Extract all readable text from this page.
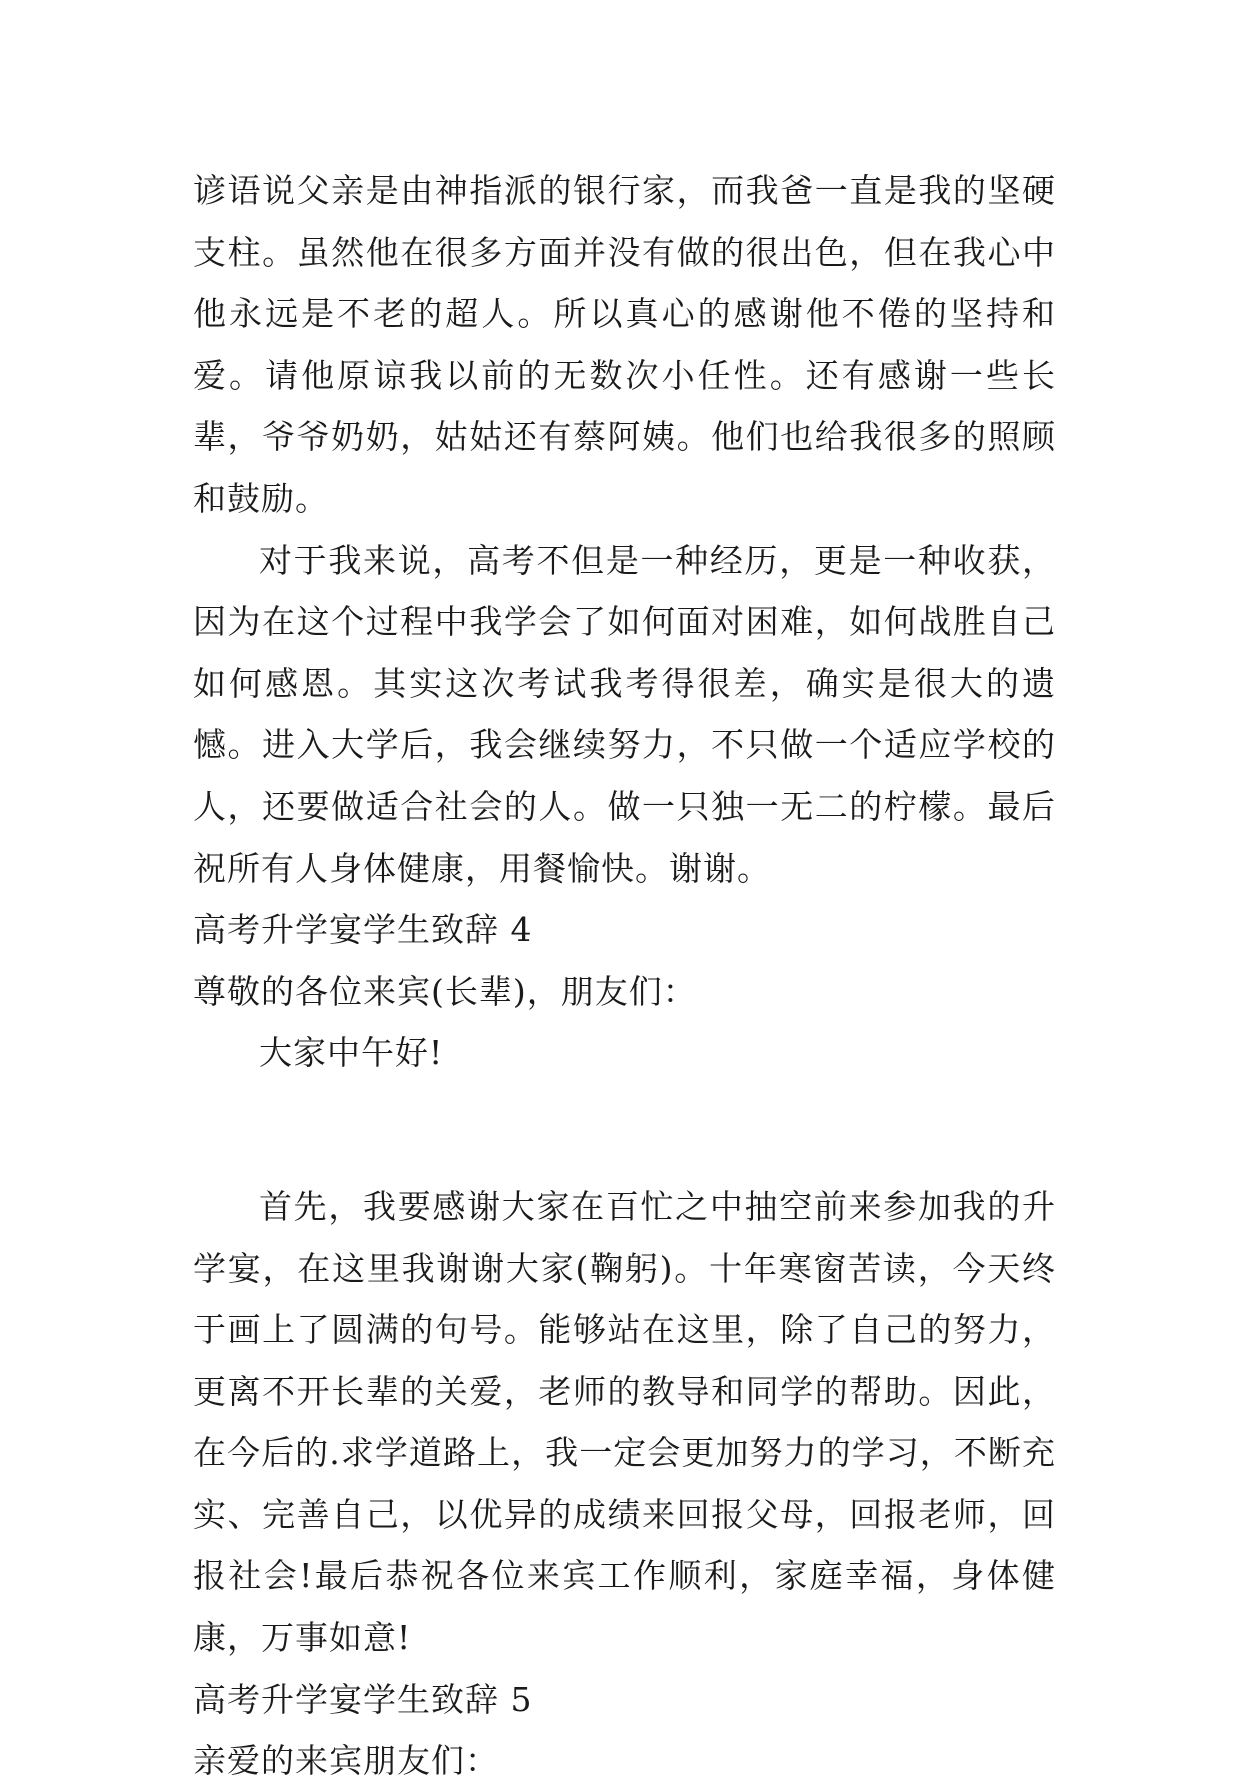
谚语说父亲是由神指派的银行家，而我爸一直是我的坚硬支柱。虽然他在很多方面并没有做的很出色，但在我心中他永远是不老的超人。所以真心的感谢他不倦的坚持和爱。请他原谅我以前的无数次小任性。还有感谢一些长辈，爷爷奶奶，姑姑还有蔡阿姨。他们也给我很多的照顾和鼓励。

对于我来说，高考不但是一种经历，更是一种收获，因为在这个过程中我学会了如何面对困难，如何战胜自己如何感恩。其实这次考试我考得很差，确实是很大的遗憾。进入大学后，我会继续努力，不只做一个适应学校的人，还要做适合社会的人。做一只独一无二的柠檬。最后祝所有人身体健康，用餐愉快。谢谢。

高考升学宴学生致辞 4

尊敬的各位来宾(长辈)，朋友们：

大家中午好!

首先，我要感谢大家在百忙之中抽空前来参加我的升学宴，在这里我谢谢大家(鞠躬)。十年寒窗苦读，今天终于画上了圆满的句号。能够站在这里，除了自己的努力，更离不开长辈的关爱，老师的教导和同学的帮助。因此，在今后的.求学道路上，我一定会更加努力的学习，不断充实、完善自己，以优异的成绩来回报父母，回报老师，回报社会!最后恭祝各位来宾工作顺利，家庭幸福，身体健康，万事如意!

高考升学宴学生致辞 5

亲爱的来宾朋友们：
